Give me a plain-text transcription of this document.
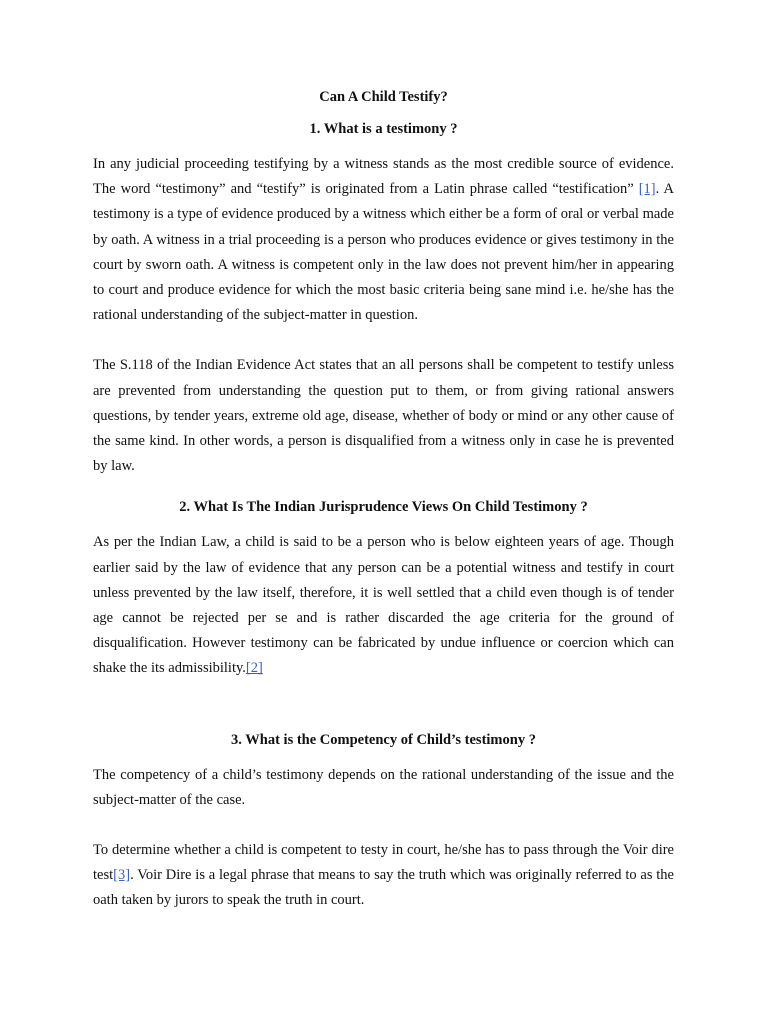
Can A Child Testify?

1. What is a testimony ?

In any judicial proceeding testifying by a witness stands as the most credible source of evidence. The word “testimony” and “testify” is originated from a Latin phrase called “testification” [1]. A testimony is a type of evidence produced by a witness which either be a form of oral or verbal made by oath. A witness in a trial proceeding is a person who produces evidence or gives testimony in the court by sworn oath. A witness is competent only in the law does not prevent him/her in appearing to court and produce evidence for which the most basic criteria being sane mind i.e. he/she has the rational understanding of the subject-matter in question.

The S.118 of the Indian Evidence Act states that an all persons shall be competent to testify unless are prevented from understanding the question put to them, or from giving rational answers questions, by tender years, extreme old age, disease, whether of body or mind or any other cause of the same kind. In other words, a person is disqualified from a witness only in case he is prevented by law.

2. What Is The Indian Jurisprudence Views On Child Testimony ?

As per the Indian Law, a child is said to be a person who is below eighteen years of age. Though earlier said by the law of evidence that any person can be a potential witness and testify in court unless prevented by the law itself, therefore, it is well settled that a child even though is of tender age cannot be rejected per se and is rather discarded the age criteria for the ground of disqualification. However testimony can be fabricated by undue influence or coercion which can shake the its admissibility.[2]

3. What is the Competency of Child’s testimony ?

The competency of a child’s testimony depends on the rational understanding of the issue and the subject-matter of the case.

To determine whether a child is competent to testy in court, he/she has to pass through the Voir dire test[3]. Voir Dire is a legal phrase that means to say the truth which was originally referred to as the oath taken by jurors to speak the truth in court.
